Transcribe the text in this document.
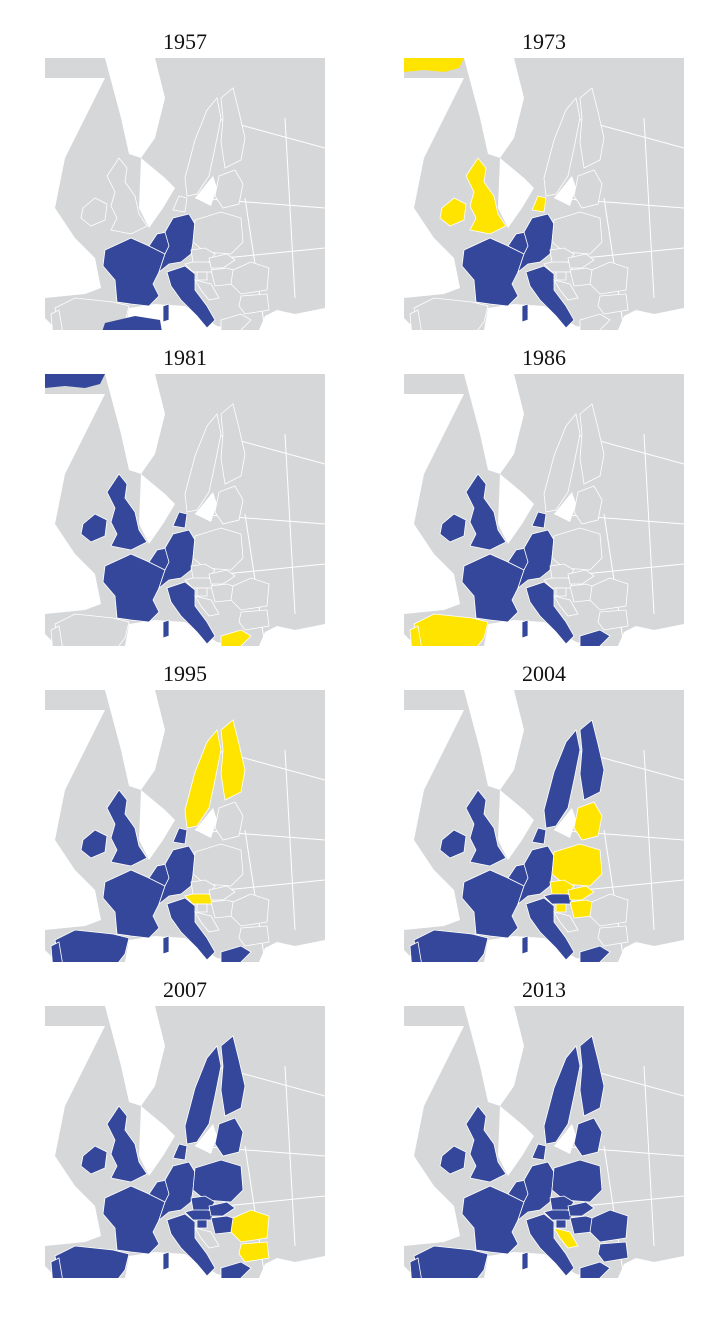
1957	1973
1981	1986
1995	2004
2007	2013
